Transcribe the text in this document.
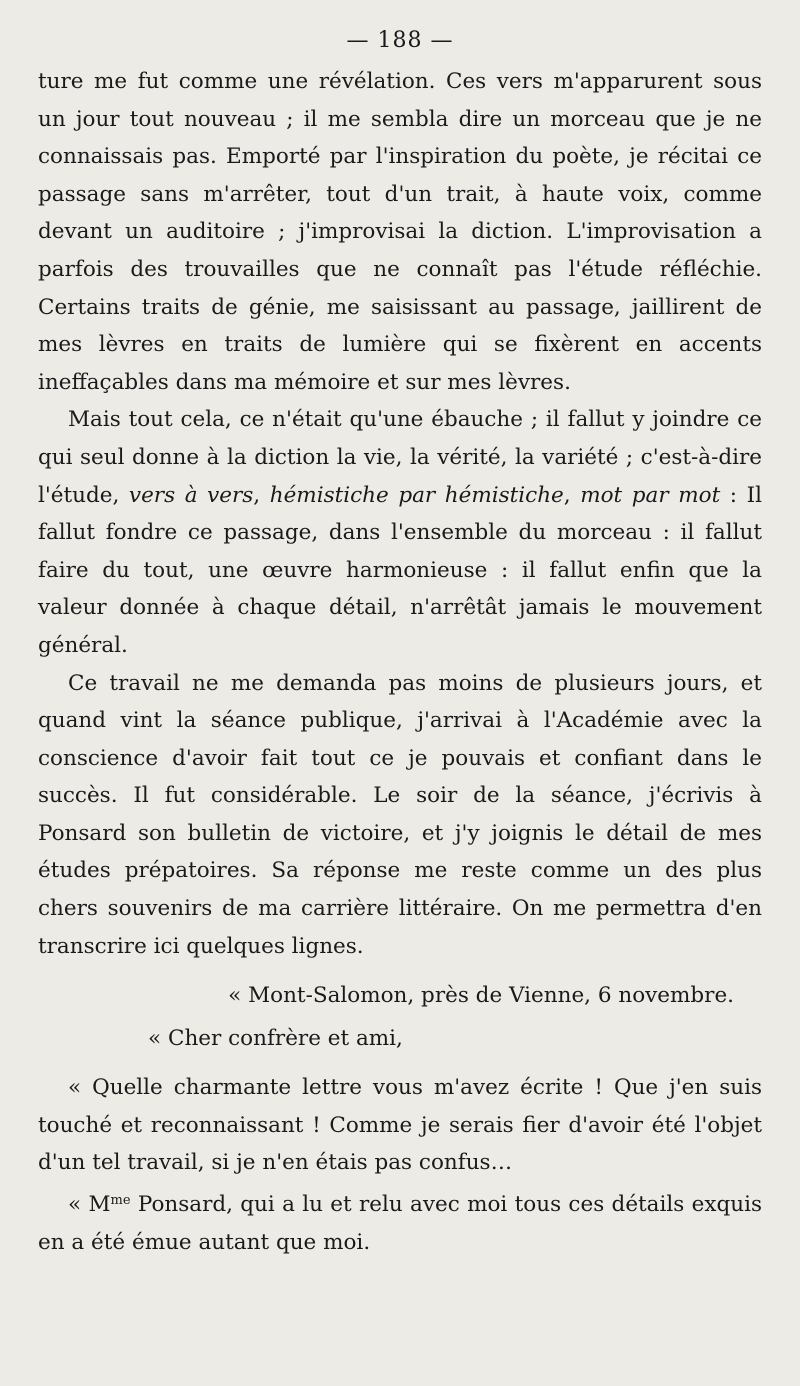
— 188 —

ture me fut comme une révélation. Ces vers m'apparurent sous un jour tout nouveau ; il me sembla dire un morceau que je ne connaissais pas. Emporté par l'inspiration du poète, je récitai ce passage sans m'arrêter, tout d'un trait, à haute voix, comme devant un auditoire ; j'improvisai la diction. L'improvisation a parfois des trouvailles que ne connaît pas l'étude réfléchie. Certains traits de génie, me saisissant au passage, jaillirent de mes lèvres en traits de lumière qui se fixèrent en accents ineffaçables dans ma mémoire et sur mes lèvres.

Mais tout cela, ce n'était qu'une ébauche ; il fallut y joindre ce qui seul donne à la diction la vie, la vérité, la variété ; c'est-à-dire l'étude, vers à vers, hémistiche par hémistiche, mot par mot : Il fallut fondre ce passage, dans l'ensemble du morceau : il fallut faire du tout, une œuvre harmonieuse : il fallut enfin que la valeur donnée à chaque détail, n'arrêtât jamais le mouvement général.

Ce travail ne me demanda pas moins de plusieurs jours, et quand vint la séance publique, j'arrivai à l'Académie avec la conscience d'avoir fait tout ce je pouvais et confiant dans le succès. Il fut considérable. Le soir de la séance, j'écrivis à Ponsard son bulletin de victoire, et j'y joignis le détail de mes études prépatoires. Sa réponse me reste comme un des plus chers souvenirs de ma carrière littéraire. On me permettra d'en transcrire ici quelques lignes.

« Mont-Salomon, près de Vienne, 6 novembre.
« Cher confrère et ami,

« Quelle charmante lettre vous m'avez écrite ! Que j'en suis touché et reconnaissant ! Comme je serais fier d'avoir été l'objet d'un tel travail, si je n'en étais pas confus…

« $M^{me}$ Ponsard, qui a lu et relu avec moi tous ces détails exquis en a été émue autant que moi.
